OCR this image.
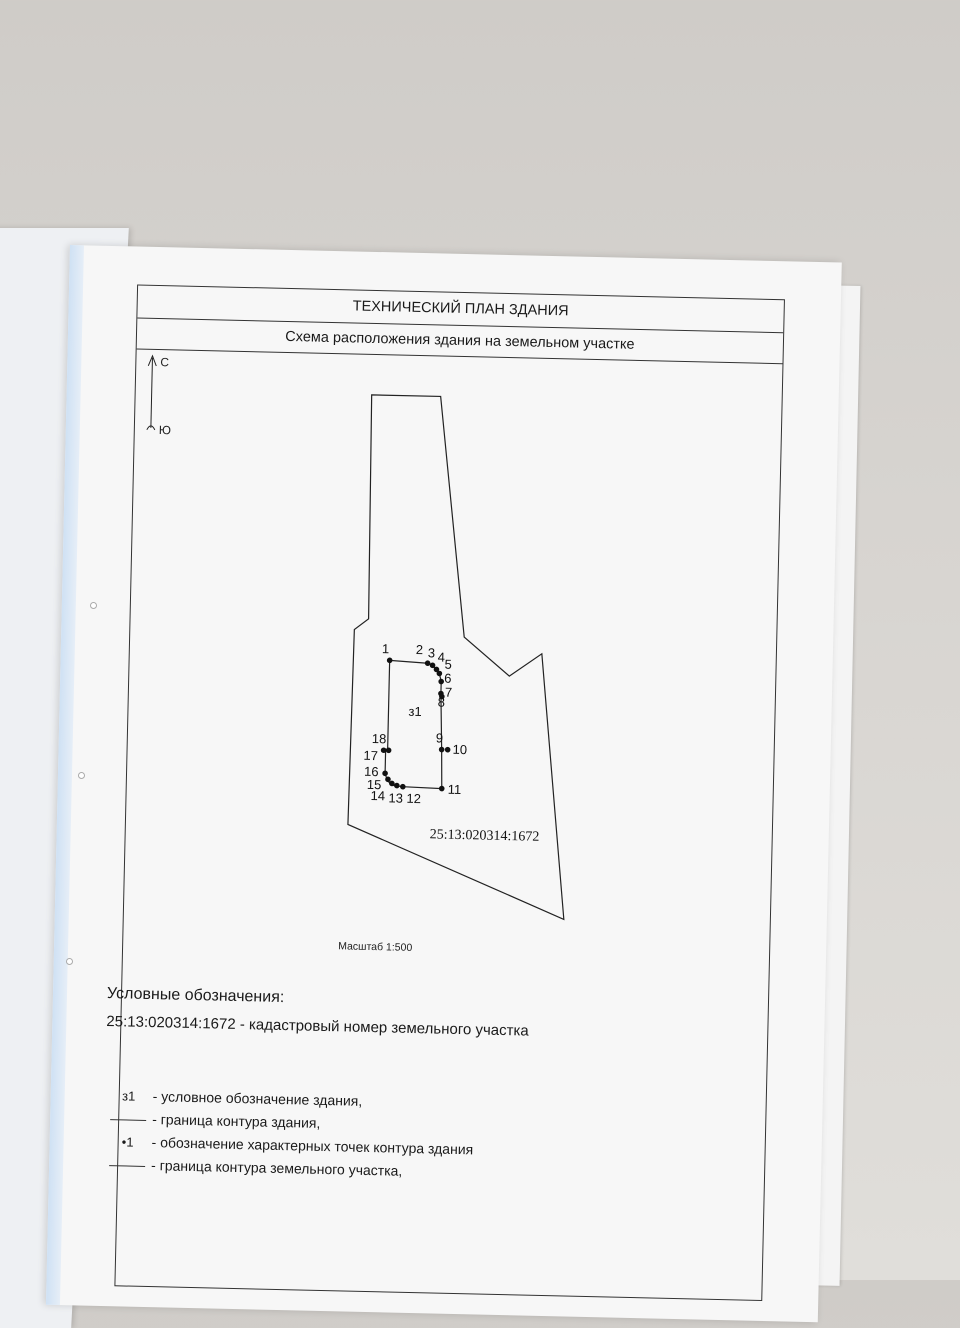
ТЕХНИЧЕСКИЙ ПЛАН ЗДАНИЯ
Схема расположения здания на земельном участке
С
Ю
1 2 3 4 5
6
7
8
9
10
11
12
13
14
15
16
17
18
з1
25:13:020314:1672
Масштаб 1:500
Условные обозначения:
25:13:020314:1672 - кадастровый номер земельного участка
з1	- условное обозначение здания,
- граница контура здания,
•1	- обозначение характерных точек контура здания
- граница контура земельного участка,
